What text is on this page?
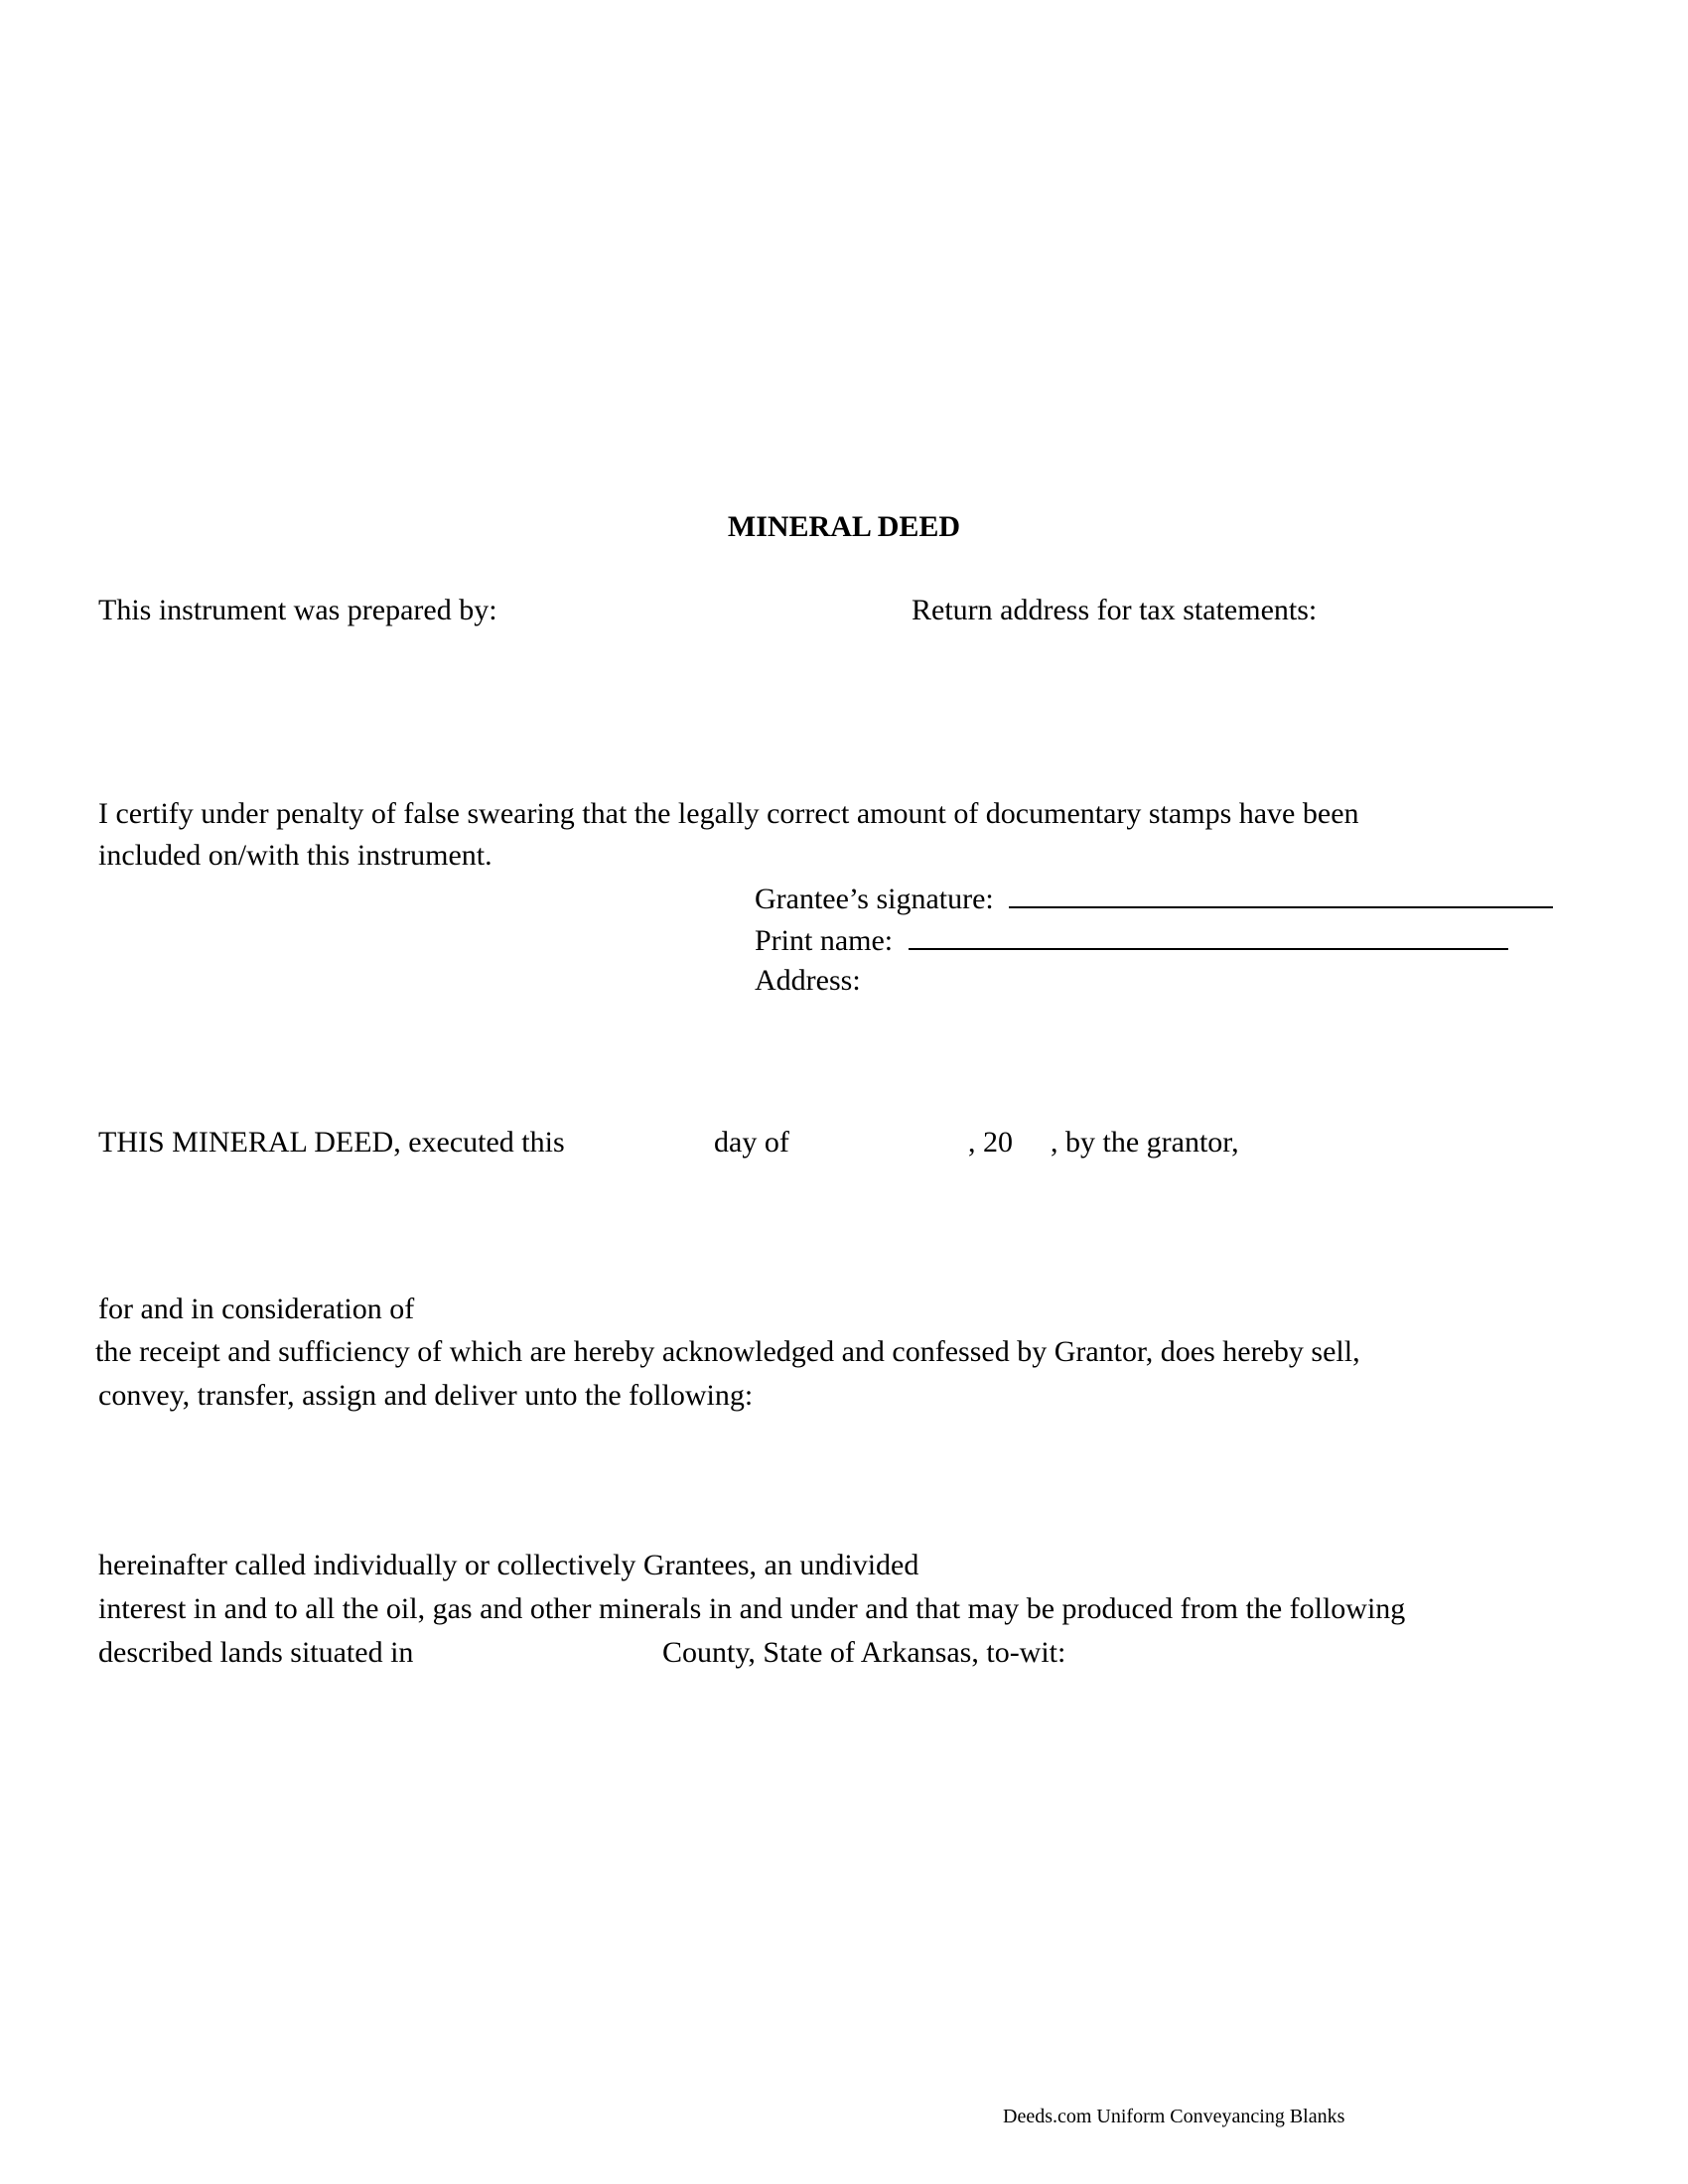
MINERAL DEED
This instrument was prepared by:	Return address for tax statements:
I certify under penalty of false swearing that the legally correct amount of documentary stamps have been
included on/with this instrument.
Grantee’s signature:
Print name:
Address:
THIS MINERAL DEED, executed this	day of	, 20 , by the grantor,
for and in consideration of
the receipt and sufficiency of which are hereby acknowledged and confessed by Grantor, does hereby sell,
convey, transfer, assign and deliver unto the following:
hereinafter called individually or collectively Grantees, an undivided
interest in and to all the oil, gas and other minerals in and under and that may be produced from the following
described lands situated in	County, State of Arkansas, to-wit:
Deeds.com Uniform Conveyancing Blanks
